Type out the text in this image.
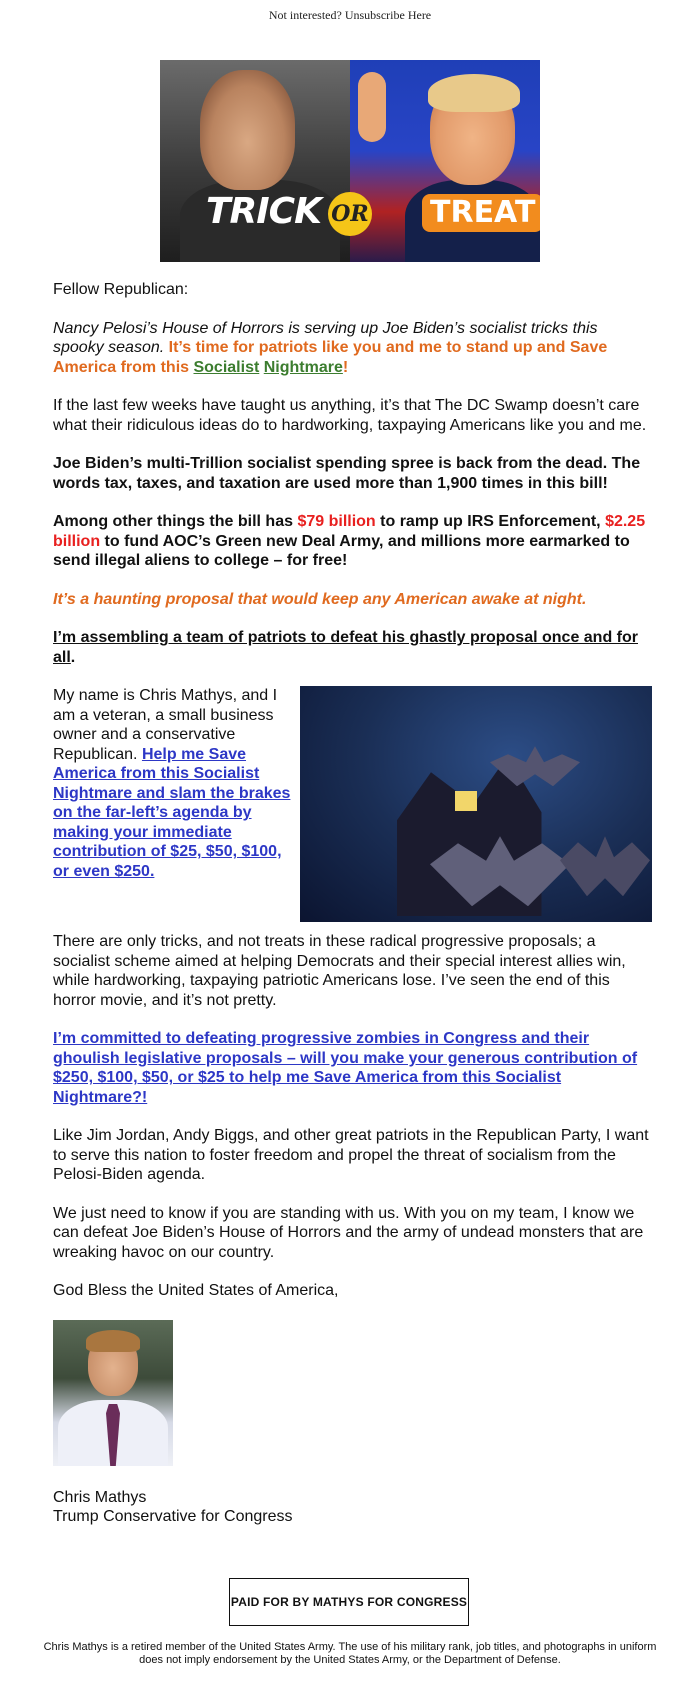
Not interested? Unsubscribe Here
TRICK OR TREAT

Fellow Republican:

Nancy Pelosi’s House of Horrors is serving up Joe Biden’s socialist tricks this spooky season. It’s time for patriots like you and me to stand up and Save America from this Socialist Nightmare!

If the last few weeks have taught us anything, it’s that The DC Swamp doesn’t care what their ridiculous ideas do to hardworking, taxpaying Americans like you and me.

Joe Biden’s multi-Trillion socialist spending spree is back from the dead. The words tax, taxes, and taxation are used more than 1,900 times in this bill!

Among other things the bill has $79 billion to ramp up IRS Enforcement, $2.25 billion to fund AOC’s Green new Deal Army, and millions more earmarked to send illegal aliens to college – for free!

It’s a haunting proposal that would keep any American awake at night.

I’m assembling a team of patriots to defeat his ghastly proposal once and for all.

My name is Chris Mathys, and I am a veteran, a small business owner and a conservative Republican. Help me Save America from this Socialist Nightmare and slam the brakes on the far-left’s agenda by making your immediate contribution of $25, $50, $100, or even $250.

There are only tricks, and not treats in these radical progressive proposals; a socialist scheme aimed at helping Democrats and their special interest allies win, while hardworking, taxpaying patriotic Americans lose. I’ve seen the end of this horror movie, and it’s not pretty.

I’m committed to defeating progressive zombies in Congress and their ghoulish legislative proposals – will you make your generous contribution of $250, $100, $50, or $25 to help me Save America from this Socialist Nightmare?!

Like Jim Jordan, Andy Biggs, and other great patriots in the Republican Party, I want to serve this nation to foster freedom and propel the threat of socialism from the Pelosi-Biden agenda.

We just need to know if you are standing with us. With you on my team, I know we can defeat Joe Biden’s House of Horrors and the army of undead monsters that are wreaking havoc on our country.

God Bless the United States of America,

Chris Mathys

Trump Conservative for Congress

PAID FOR BY MATHYS FOR CONGRESS
Chris Mathys is a retired member of the United States Army. The use of his military rank, job titles, and photographs in uniform does not imply endorsement by the United States Army, or the Department of Defense.
